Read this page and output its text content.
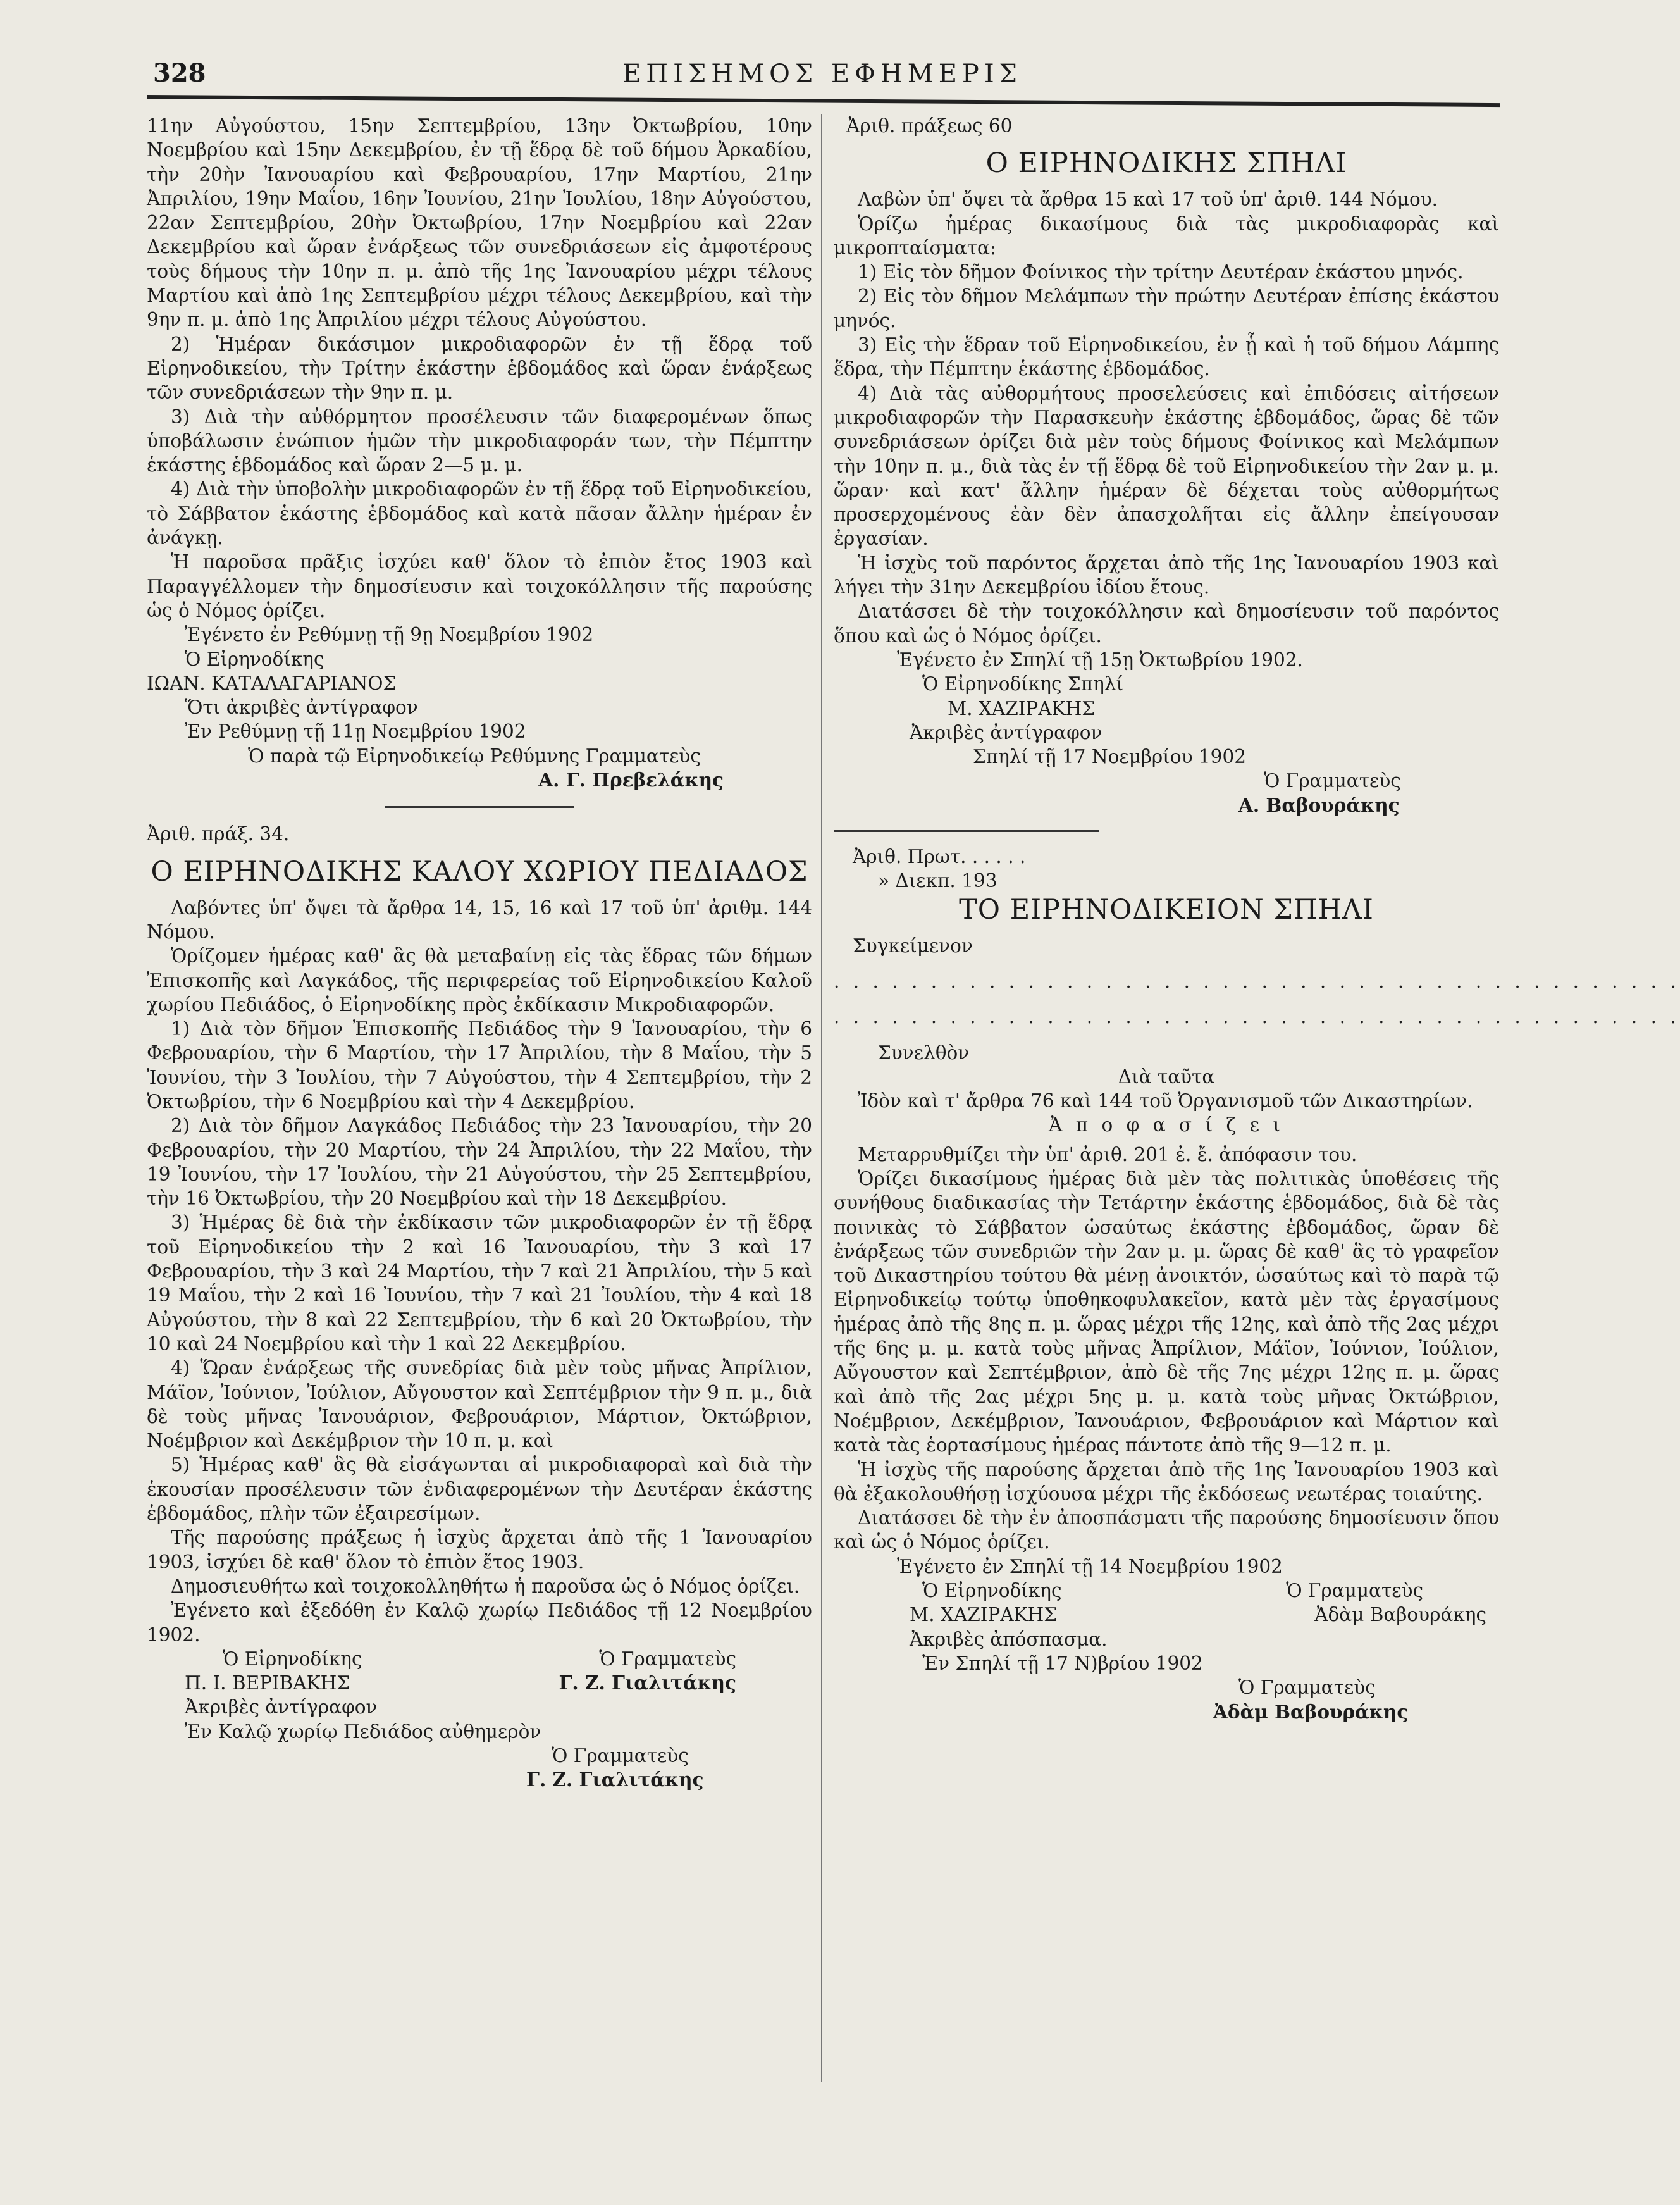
328	ΕΠΙΣΗΜΟΣ ΕΦΗΜΕΡΙΣ

11ην Αὐγούστου, 15ην Σεπτεμβρίου, 13ην Ὀκτωβρίου, 10ην Νοεμβρίου καὶ 15ην Δεκεμβρίου, ἐν τῇ ἕδρᾳ δὲ τοῦ δήμου Ἀρκαδίου, τὴν 20ὴν Ἰανουαρίου καὶ Φεβρουαρίου, 17ην Μαρτίου, 21ην Ἀπριλίου, 19ην Μαΐου, 16ην Ἰουνίου, 21ην Ἰουλίου, 18ην Αὐγούστου, 22αν Σεπτεμβρίου, 20ὴν Ὀκτωβρίου, 17ην Νοεμβρίου καὶ 22αν Δεκεμβρίου καὶ ὥραν ἐνάρξεως τῶν συνεδριάσεων εἰς ἀμφοτέρους τοὺς δήμους τὴν 10ην π. μ. ἀπὸ τῆς 1ης Ἰανουαρίου μέχρι τέλους Μαρτίου καὶ ἀπὸ 1ης Σεπτεμβρίου μέχρι τέλους Δεκεμβρίου, καὶ τὴν 9ην π. μ. ἀπὸ 1ης Ἀπριλίου μέχρι τέλους Αὐγούστου.

2) Ἡμέραν δικάσιμον μικροδιαφορῶν ἐν τῇ ἕδρᾳ τοῦ Εἰρηνοδικείου, τὴν Τρίτην ἑκάστην ἑβδομάδος καὶ ὥραν ἐνάρξεως τῶν συνεδριάσεων τὴν 9ην π. μ.

3) Διὰ τὴν αὐθόρμητον προσέλευσιν τῶν διαφερομένων ὅπως ὑποβάλωσιν ἐνώπιον ἡμῶν τὴν μικροδιαφοράν των, τὴν Πέμπτην ἑκάστης ἑβδομάδος καὶ ὥραν 2—5 μ. μ.

4) Διὰ τὴν ὑποβολὴν μικροδιαφορῶν ἐν τῇ ἕδρᾳ τοῦ Εἰρηνοδικείου, τὸ Σάββατον ἑκάστης ἑβδομάδος καὶ κατὰ πᾶσαν ἄλλην ἡμέραν ἐν ἀνάγκῃ.

Ἡ παροῦσα πρᾶξις ἰσχύει καθ' ὅλον τὸ ἐπιὸν ἔτος 1903 καὶ Παραγγέλλομεν τὴν δημοσίευσιν καὶ τοιχοκόλλησιν τῆς παρούσης ὡς ὁ Νόμος ὁρίζει.

Ἐγένετο ἐν Ρεθύμνῃ τῇ 9ῃ Νοεμβρίου 1902

Ὁ Εἰρηνοδίκης

ΙΩΑΝ. ΚΑΤΑΛΑΓΑΡΙΑΝΟΣ

Ὅτι ἀκριβὲς ἀντίγραφον

Ἐν Ρεθύμνῃ τῇ 11ῃ Νοεμβρίου 1902

Ὁ παρὰ τῷ Εἰρηνοδικείῳ Ρεθύμνης Γραμματεὺς

Α. Γ. Πρεβελάκης

Ἀριθ. πράξ. 34.

Ο ΕΙΡΗΝΟΔΙΚΗΣ ΚΑΛΟΥ ΧΩΡΙΟΥ ΠΕΔΙΑΔΟΣ

Λαβόντες ὑπ' ὄψει τὰ ἄρθρα 14, 15, 16 καὶ 17 τοῦ ὑπ' ἀριθμ. 144 Νόμου.

Ὁρίζομεν ἡμέρας καθ' ἃς θὰ μεταβαίνῃ εἰς τὰς ἕδρας τῶν δήμων Ἐπισκοπῆς καὶ Λαγκάδος, τῆς περιφερείας τοῦ Εἰρηνοδικείου Καλοῦ χωρίου Πεδιάδος, ὁ Εἰρηνοδίκης πρὸς ἐκδίκασιν Μικροδιαφορῶν.

1) Διὰ τὸν δῆμον Ἐπισκοπῆς Πεδιάδος τὴν 9 Ἰανουαρίου, τὴν 6 Φεβρουαρίου, τὴν 6 Μαρτίου, τὴν 17 Ἀπριλίου, τὴν 8 Μαΐου, τὴν 5 Ἰουνίου, τὴν 3 Ἰουλίου, τὴν 7 Αὐγούστου, τὴν 4 Σεπτεμβρίου, τὴν 2 Ὀκτωβρίου, τὴν 6 Νοεμβρίου καὶ τὴν 4 Δεκεμβρίου.

2) Διὰ τὸν δῆμον Λαγκάδος Πεδιάδος τὴν 23 Ἰανουαρίου, τὴν 20 Φεβρουαρίου, τὴν 20 Μαρτίου, τὴν 24 Ἀπριλίου, τὴν 22 Μαΐου, τὴν 19 Ἰουνίου, τὴν 17 Ἰουλίου, τὴν 21 Αὐγούστου, τὴν 25 Σεπτεμβρίου, τὴν 16 Ὀκτωβρίου, τὴν 20 Νοεμβρίου καὶ τὴν 18 Δεκεμβρίου.

3) Ἡμέρας δὲ διὰ τὴν ἐκδίκασιν τῶν μικροδιαφορῶν ἐν τῇ ἕδρᾳ τοῦ Εἰρηνοδικείου τὴν 2 καὶ 16 Ἰανουαρίου, τὴν 3 καὶ 17 Φεβρουαρίου, τὴν 3 καὶ 24 Μαρτίου, τὴν 7 καὶ 21 Ἀπριλίου, τὴν 5 καὶ 19 Μαΐου, τὴν 2 καὶ 16 Ἰουνίου, τὴν 7 καὶ 21 Ἰουλίου, τὴν 4 καὶ 18 Αὐγούστου, τὴν 8 καὶ 22 Σεπτεμβρίου, τὴν 6 καὶ 20 Ὀκτωβρίου, τὴν 10 καὶ 24 Νοεμβρίου καὶ τὴν 1 καὶ 22 Δεκεμβρίου.

4) Ὥραν ἐνάρξεως τῆς συνεδρίας διὰ μὲν τοὺς μῆνας Ἀπρίλιον, Μάϊον, Ἰούνιον, Ἰούλιον, Αὔγουστον καὶ Σεπτέμβριον τὴν 9 π. μ., διὰ δὲ τοὺς μῆνας Ἰανουάριον, Φεβρουάριον, Μάρτιον, Ὀκτώβριον, Νοέμβριον καὶ Δεκέμβριον τὴν 10 π. μ. καὶ

5) Ἡμέρας καθ' ἃς θὰ εἰσάγωνται αἱ μικροδιαφοραὶ καὶ διὰ τὴν ἑκουσίαν προσέλευσιν τῶν ἐνδιαφερομένων τὴν Δευτέραν ἑκάστης ἑβδομάδος, πλὴν τῶν ἐξαιρεσίμων.

Τῆς παρούσης πράξεως ἡ ἰσχὺς ἄρχεται ἀπὸ τῆς 1 Ἰανουαρίου 1903, ἰσχύει δὲ καθ' ὅλον τὸ ἐπιὸν ἔτος 1903.

Δημοσιευθήτω καὶ τοιχοκολληθήτω ἡ παροῦσα ὡς ὁ Νόμος ὁρίζει.

Ἐγένετο καὶ ἐξεδόθη ἐν Καλῷ χωρίῳ Πεδιάδος τῇ 12 Νοεμβρίου 1902.

Ὁ Εἰρηνοδίκης	Ὁ Γραμματεὺς
Π. Ι. ΒΕΡΙΒΑΚΗΣ	Γ. Ζ. Γιαλιτάκης

Ἀκριβὲς ἀντίγραφον

Ἐν Καλῷ χωρίῳ Πεδιάδος αὐθημερὸν

Ὁ Γραμματεὺς

Γ. Ζ. Γιαλιτάκης

Ἀριθ. πράξεως 60

Ο ΕΙΡΗΝΟΔΙΚΗΣ ΣΠΗΛΙ

Λαβὼν ὑπ' ὄψει τὰ ἄρθρα 15 καὶ 17 τοῦ ὑπ' ἀριθ. 144 Νόμου.

Ὁρίζω ἡμέρας δικασίμους διὰ τὰς μικροδιαφορὰς καὶ μικροπταίσματα:

1) Εἰς τὸν δῆμον Φοίνικος τὴν τρίτην Δευτέραν ἑκάστου μηνός.

2) Εἰς τὸν δῆμον Μελάμπων τὴν πρώτην Δευτέραν ἐπίσης ἑκάστου μηνός.

3) Εἰς τὴν ἕδραν τοῦ Εἰρηνοδικείου, ἐν ᾗ καὶ ἡ τοῦ δήμου Λάμπης ἕδρα, τὴν Πέμπτην ἑκάστης ἑβδομάδος.

4) Διὰ τὰς αὐθορμήτους προσελεύσεις καὶ ἐπιδόσεις αἰτήσεων μικροδιαφορῶν τὴν Παρασκευὴν ἑκάστης ἑβδομάδος, ὥρας δὲ τῶν συνεδριάσεων ὁρίζει διὰ μὲν τοὺς δήμους Φοίνικος καὶ Μελάμπων τὴν 10ην π. μ., διὰ τὰς ἐν τῇ ἕδρᾳ δὲ τοῦ Εἰρηνοδικείου τὴν 2αν μ. μ. ὥραν· καὶ κατ' ἄλλην ἡμέραν δὲ δέχεται τοὺς αὐθορμήτως προσερχομένους ἐὰν δὲν ἀπασχολῆται εἰς ἄλλην ἐπείγουσαν ἐργασίαν.

Ἡ ἰσχὺς τοῦ παρόντος ἄρχεται ἀπὸ τῆς 1ης Ἰανουαρίου 1903 καὶ λήγει τὴν 31ην Δεκεμβρίου ἰδίου ἔτους.

Διατάσσει δὲ τὴν τοιχοκόλλησιν καὶ δημοσίευσιν τοῦ παρόντος ὅπου καὶ ὡς ὁ Νόμος ὁρίζει.

Ἐγένετο ἐν Σπηλί τῇ 15ῃ Ὀκτωβρίου 1902.

Ὁ Εἰρηνοδίκης Σπηλί

Μ. ΧΑΖΙΡΑΚΗΣ

Ἀκριβὲς ἀντίγραφον

Σπηλί τῇ 17 Νοεμβρίου 1902

Ὁ Γραμματεὺς

Α. Βαβουράκης

Ἀριθ. Πρωτ. . . . . .

» Διεκπ. 193

ΤΟ ΕΙΡΗΝΟΔΙΚΕΙΟΝ ΣΠΗΛΙ

Συγκείμενον

. . . . . . . . . . . . . . . . . . . . . . . . . . . . . . . . . . . . . . . . . . . .

. . . . . . . . . . . . . . . . . . . . . . . . . . . . . . . . . . . . . . . . . . . .

Συνελθὸν

Διὰ ταῦτα

Ἰδὸν καὶ τ' ἄρθρα 76 καὶ 144 τοῦ Ὀργανισμοῦ τῶν Δικαστηρίων.

Ἀ π ο φ α σ ί ζ ε ι

Μεταρρυθμίζει τὴν ὑπ' ἀριθ. 201 ἐ. ἔ. ἀπόφασιν του.

Ὁρίζει δικασίμους ἡμέρας διὰ μὲν τὰς πολιτικὰς ὑποθέσεις τῆς συνήθους διαδικασίας τὴν Τετάρτην ἑκάστης ἑβδομάδος, διὰ δὲ τὰς ποινικὰς τὸ Σάββατον ὡσαύτως ἑκάστης ἑβδομάδος, ὥραν δὲ ἐνάρξεως τῶν συνεδριῶν τὴν 2αν μ. μ. ὥρας δὲ καθ' ἃς τὸ γραφεῖον τοῦ Δικαστηρίου τούτου θὰ μένῃ ἀνοικτόν, ὡσαύτως καὶ τὸ παρὰ τῷ Εἰρηνοδικείῳ τούτῳ ὑποθηκοφυλακεῖον, κατὰ μὲν τὰς ἐργασίμους ἡμέρας ἀπὸ τῆς 8ης π. μ. ὥρας μέχρι τῆς 12ης, καὶ ἀπὸ τῆς 2ας μέχρι τῆς 6ης μ. μ. κατὰ τοὺς μῆνας Ἀπρίλιον, Μάϊον, Ἰούνιον, Ἰούλιον, Αὔγουστον καὶ Σεπτέμβριον, ἀπὸ δὲ τῆς 7ης μέχρι 12ης π. μ. ὥρας καὶ ἀπὸ τῆς 2ας μέχρι 5ης μ. μ. κατὰ τοὺς μῆνας Ὀκτώβριον, Νοέμβριον, Δεκέμβριον, Ἰανουάριον, Φεβρουάριον καὶ Μάρτιον καὶ κατὰ τὰς ἑορτασίμους ἡμέρας πάντοτε ἀπὸ τῆς 9—12 π. μ.

Ἡ ἰσχὺς τῆς παρούσης ἄρχεται ἀπὸ τῆς 1ης Ἰανουαρίου 1903 καὶ θὰ ἐξακολουθήσῃ ἰσχύουσα μέχρι τῆς ἐκδόσεως νεωτέρας τοιαύτης.

Διατάσσει δὲ τὴν ἐν ἀποσπάσματι τῆς παρούσης δημοσίευσιν ὅπου καὶ ὡς ὁ Νόμος ὁρίζει.

Ἐγένετο ἐν Σπηλί τῇ 14 Νοεμβρίου 1902

Ὁ Εἰρηνοδίκης	Ὁ Γραμματεὺς
Μ. ΧΑΖΙΡΑΚΗΣ	Ἀδὰμ Βαβουράκης

Ἀκριβὲς ἀπόσπασμα.

Ἐν Σπηλί τῇ 17 Ν)βρίου 1902

Ὁ Γραμματεὺς

Ἀδὰμ Βαβουράκης
